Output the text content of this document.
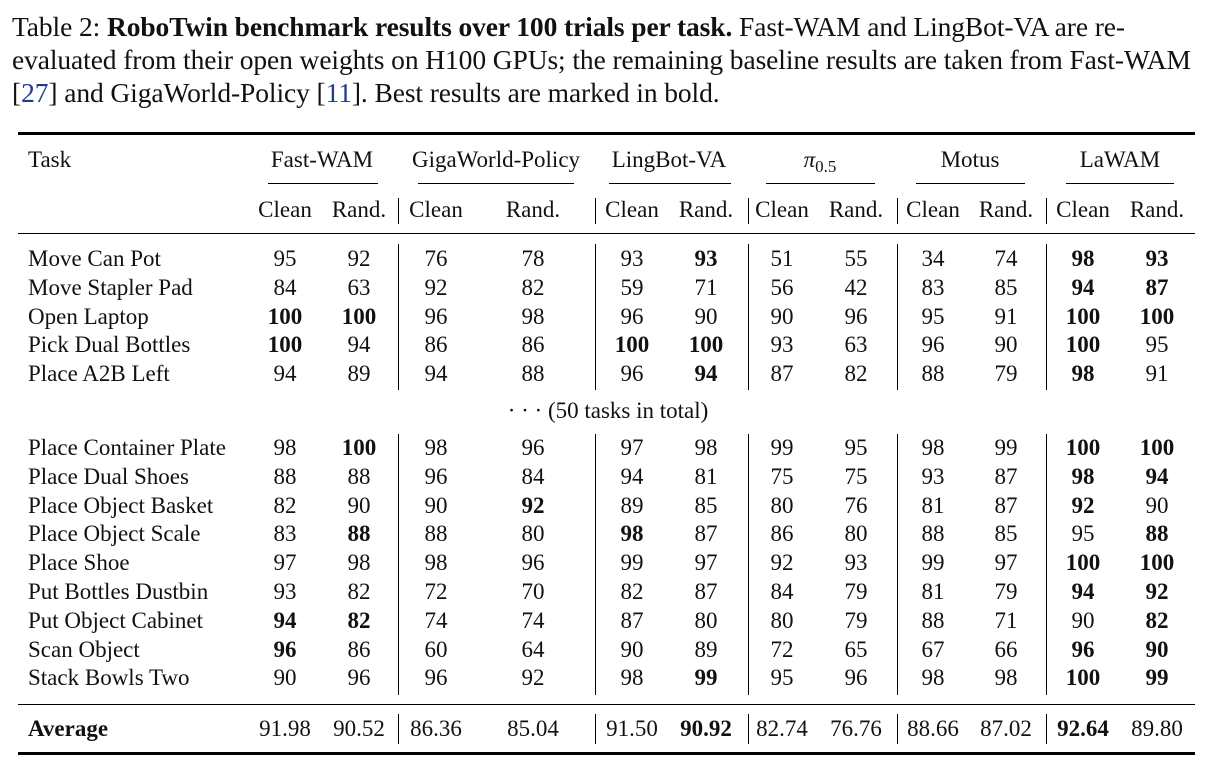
Table 2: RoboTwin benchmark results over 100 trials per task. Fast-WAM and LingBot-VA are re-evaluated from their open weights on H100 GPUs; the remaining baseline results are taken from Fast-WAM [27] and GigaWorld-Policy [11]. Best results are marked in bold.
Task	Fast-WAM GigaWorld-Policy LingBot-VA	$\pi_{0.5}$	Motus	LaWAM
Clean Rand. Clean Rand. Clean Rand. Clean Rand. Clean Rand. Clean Rand.
Move Can Pot	95 92 76	78	93 93 51 55 34 74 98 93
Move Stapler Pad	84 63 92	82	59 71 56 42 83 85 94 87
Open Laptop	100 100 96	98	96 90 90 96 95 91 100 100
Pick Dual Bottles	100 94 86	86	100 100 93 63 96 90 100 95
Place A2B Left	94 89 94	88	96 94 87 82 88 79 98 91
· · · (50 tasks in total)
Place Container Plate 98 100 98	96	97 98 99 95 98 99 100 100
Place Dual Shoes	88 88 96	84	94 81 75 75 93 87 98 94
Place Object Basket	82 90 90	92	89 85 80 76 81 87 92 90
Place Object Scale	83 88 88	80	98 87 86 80 88 85 95 88
Place Shoe	97 98 98	96	99 97 92 93 99 97 100 100
Put Bottles Dustbin	93 82 72	70	82 87 84 79 81 79 94 92
Put Object Cabinet	94 82 74	74	87 80 80 79 88 71 90 82
Scan Object	96 86 60	64	90 89 72 65 67 66 96 90
Stack Bowls Two	90 96 96	92	98 99 95 96 98 98 100 99
Average	91.98 90.52 86.36 85.04 91.50 90.92 82.74 76.76 88.66 87.02 92.64 89.80
